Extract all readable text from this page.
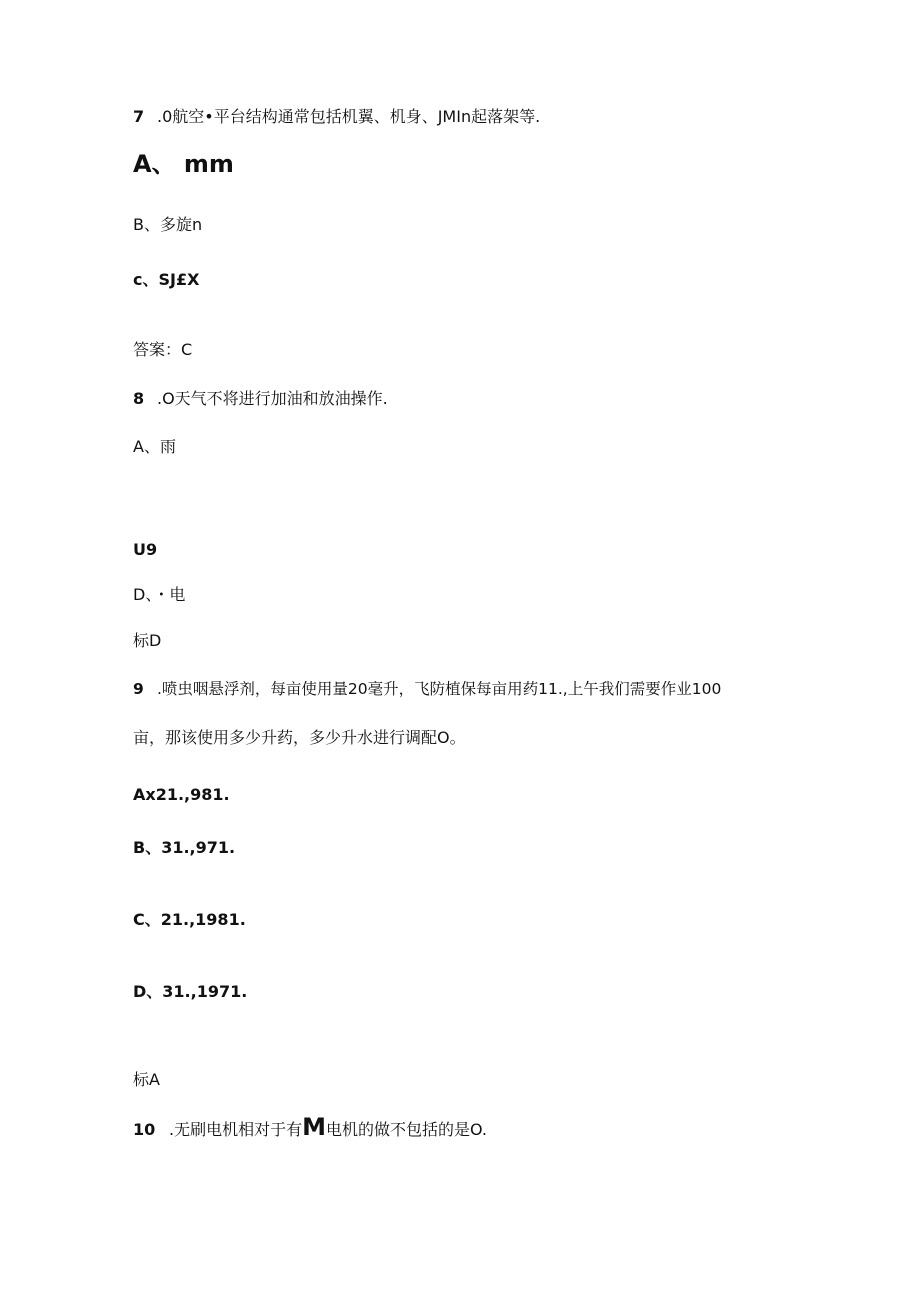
7 .0航空•平台结构通常包括机翼、机身、JMIn起落架等.
A、 mm
B、多旋n
c、SJ£X
答案：C
8 .O天气不将进行加油和放油操作.
A、雨
U9
D、・电
标D
9 .喷虫咽悬浮剂，每亩使用量20毫升，飞防植保每亩用药11.,上午我们需要作业100
亩，那该使用多少升药，多少升水进行调配O。
Ax21.,981.
B、31.,971.
C、21.,1981.
D、31.,1971.
标A
10 .无刷电机相对于有M电机的做不包括的是O.
